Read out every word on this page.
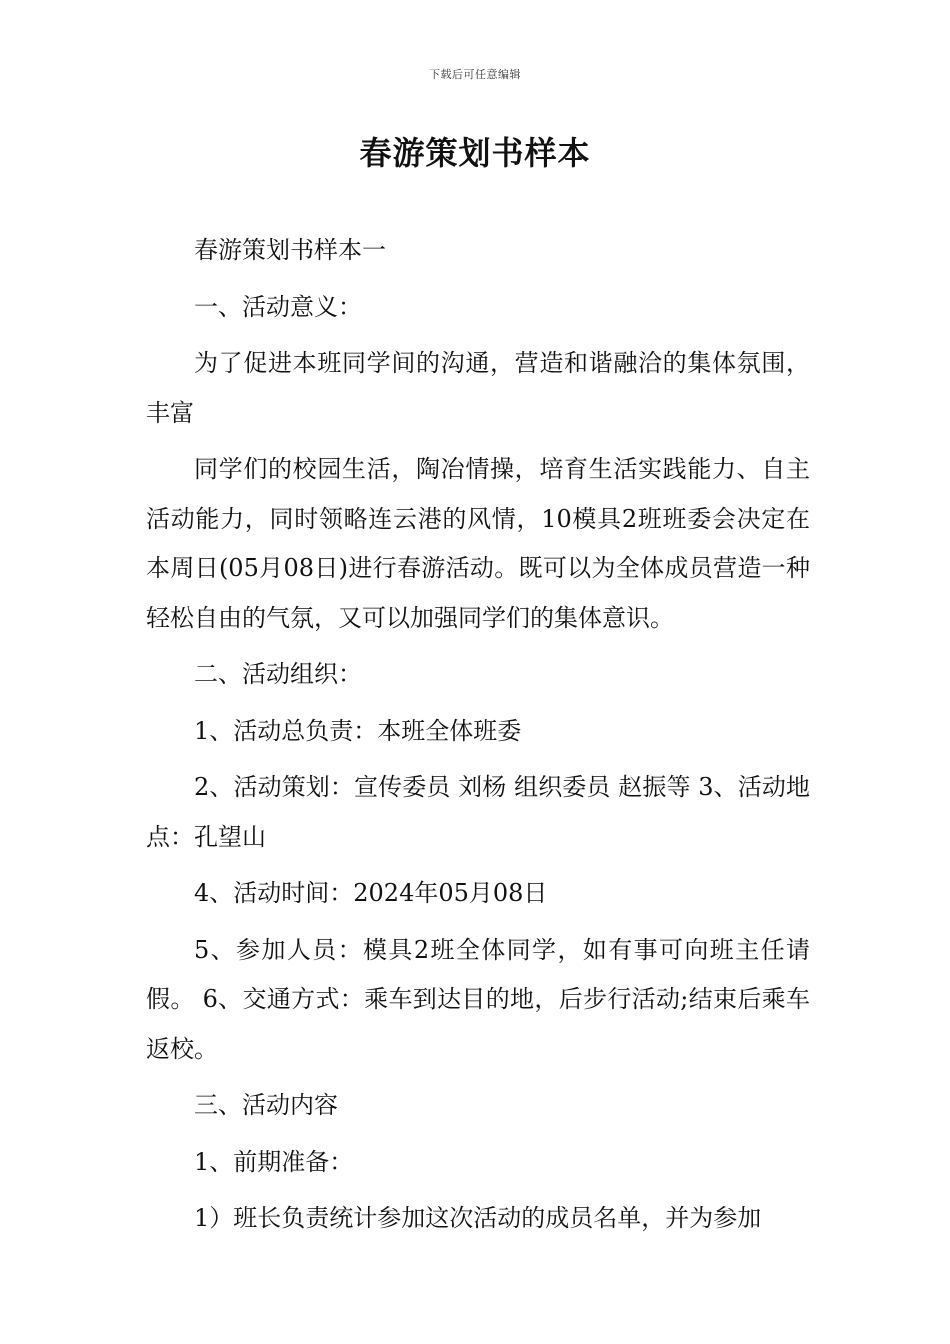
下载后可任意编辑
春游策划书样本

春游策划书样本一

一、活动意义：

为了促进本班同学间的沟通，营造和谐融洽的集体氛围，丰富

同学们的校园生活，陶冶情操，培育生活实践能力、自主活动能力，同时领略连云港的风情，10模具2班班委会决定在本周日(05月08日)进行春游活动。既可以为全体成员营造一种轻松自由的气氛，又可以加强同学们的集体意识。

二、活动组织：

1、活动总负责：本班全体班委

2、活动策划：宣传委员 刘杨 组织委员 赵振等 3、活动地点：孔望山

4、活动时间：2024年05月08日

5、参加人员：模具2班全体同学，如有事可向班主任请假。 6、交通方式：乘车到达目的地，后步行活动;结束后乘车返校。

三、活动内容

1、前期准备：

1）班长负责统计参加这次活动的成员名单，并为参加
